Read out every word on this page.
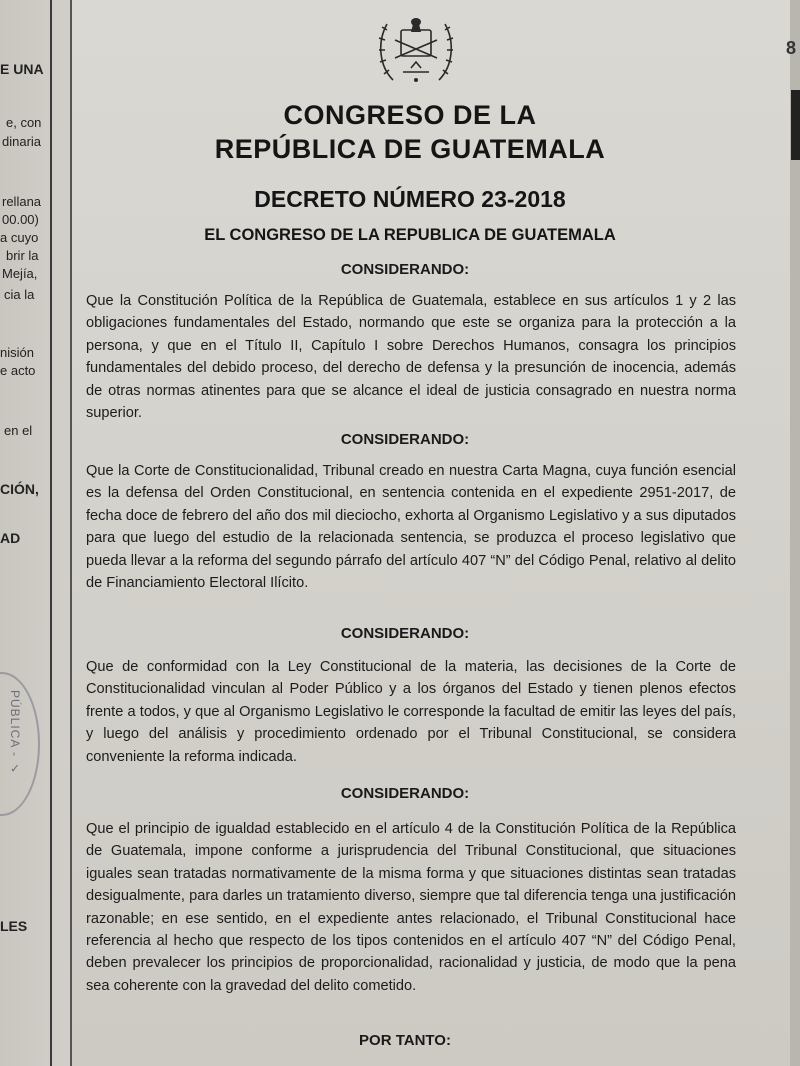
8
E UNA
e, con
dinaria
rellana
00.00)
a cuyo
brir la
Mejía,
cia la
nisión
e acto
en el
CIÓN,
AD
LES
PÚBLICA - ✓
CONGRESO DE LA
REPÚBLICA DE GUATEMALA
DECRETO NÚMERO 23-2018
EL CONGRESO DE LA REPUBLICA DE GUATEMALA
CONSIDERANDO:
Que la Constitución Política de la República de Guatemala, establece en sus artículos 1 y 2 las obligaciones fundamentales del Estado, normando que este se organiza para la protección a la persona, y que en el Título II, Capítulo I sobre Derechos Humanos, consagra los principios fundamentales del debido proceso, del derecho de defensa y la presunción de inocencia, además de otras normas atinentes para que se alcance el ideal de justicia consagrado en nuestra norma superior.
CONSIDERANDO:
Que la Corte de Constitucionalidad, Tribunal creado en nuestra Carta Magna, cuya función esencial es la defensa del Orden Constitucional, en sentencia contenida en el expediente 2951-2017, de fecha doce de febrero del año dos mil dieciocho, exhorta al Organismo Legislativo y a sus diputados para que luego del estudio de la relacionada sentencia, se produzca el proceso legislativo que pueda llevar a la reforma del segundo párrafo del artículo 407 “N” del Código Penal, relativo al delito de Financiamiento Electoral Ilícito.
CONSIDERANDO:
Que de conformidad con la Ley Constitucional de la materia, las decisiones de la Corte de Constitucionalidad vinculan al Poder Público y a los órganos del Estado y tienen plenos efectos frente a todos, y que al Organismo Legislativo le corresponde la facultad de emitir las leyes del país, y luego del análisis y procedimiento ordenado por el Tribunal Constitucional, se considera conveniente la reforma indicada.
CONSIDERANDO:
Que el principio de igualdad establecido en el artículo 4 de la Constitución Política de la República de Guatemala, impone conforme a jurisprudencia del Tribunal Constitucional, que situaciones iguales sean tratadas normativamente de la misma forma y que situaciones distintas sean tratadas desigualmente, para darles un tratamiento diverso, siempre que tal diferencia tenga una justificación razonable; en ese sentido, en el expediente antes relacionado, el Tribunal Constitucional hace referencia al hecho que respecto de los tipos contenidos en el artículo 407 “N” del Código Penal, deben prevalecer los principios de proporcionalidad, racionalidad y justicia, de modo que la pena sea coherente con la gravedad del delito cometido.
POR TANTO:
